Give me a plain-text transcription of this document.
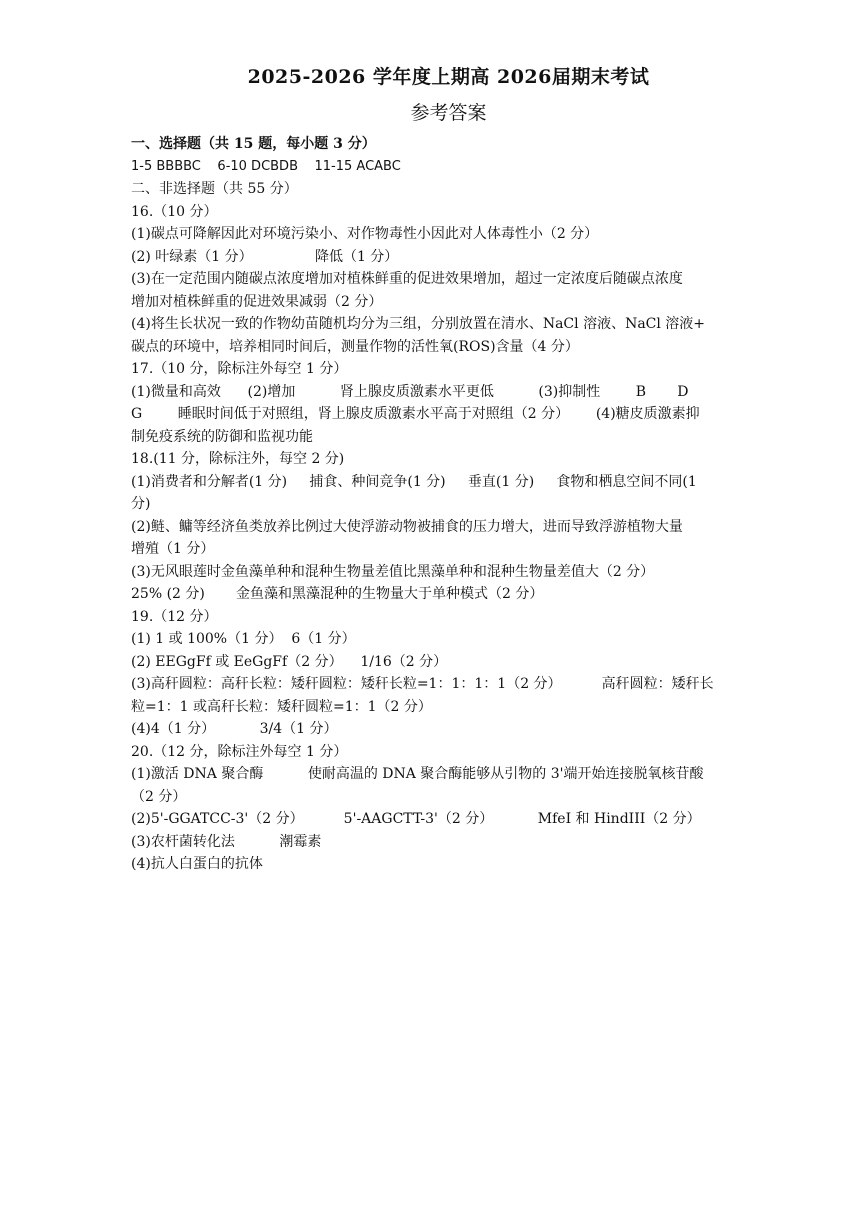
2025-2026 学年度上期高 2026届期末考试
参考答案
一、选择题（共 15 题，每小题 3 分）
1-5 BBBBC    6-10 DCBDB    11-15 ACABC
二、非选择题（共 55 分）
16.（10 分）
(1)碳点可降解因此对环境污染小、对作物毒性小因此对人体毒性小（2 分）
(2) 叶绿素（1 分）              降低（1 分）
(3)在一定范围内随碳点浓度增加对植株鲜重的促进效果增加，超过一定浓度后随碳点浓度
增加对植株鲜重的促进效果减弱（2 分）
(4)将生长状况一致的作物幼苗随机均分为三组，分别放置在清水、NaCl 溶液、NaCl 溶液+
碳点的环境中，培养相同时间后，测量作物的活性氧(ROS)含量（4 分）
17.（10 分，除标注外每空 1 分）
(1)微量和高效      (2)增加          肾上腺皮质激素水平更低          (3)抑制性        B       D
G        睡眠时间低于对照组，肾上腺皮质激素水平高于对照组（2 分）      (4)糖皮质激素抑
制免疫系统的防御和监视功能
18.(11 分，除标注外，每空 2 分)
(1)消费者和分解者(1 分)     捕食、种间竞争(1 分)     垂直(1 分)     食物和栖息空间不同(1
分)
(2)鲢、鳙等经济鱼类放养比例过大使浮游动物被捕食的压力增大，进而导致浮游植物大量
增殖（1 分）
(3)无风眼莲时金鱼藻单种和混种生物量差值比黑藻单种和混种生物量差值大（2 分）
25% (2 分)       金鱼藻和黑藻混种的生物量大于单种模式（2 分）
19.（12 分）
(1) 1 或 100%（1 分）  6（1 分）
(2) EEGgFf 或 EeGgFf（2 分）    1/16（2 分）
(3)高秆圆粒：高秆长粒：矮秆圆粒：矮秆长粒=1：1：1：1（2 分）         高秆圆粒：矮秆长
粒=1：1 或高秆长粒：矮秆圆粒=1：1（2 分）
(4)4（1 分）          3/4（1 分）
20.（12 分，除标注外每空 1 分）
(1)激活 DNA 聚合酶          使耐高温的 DNA 聚合酶能够从引物的 3'端开始连接脱氧核苷酸
（2 分）
(2)5'-GGATCC-3'（2 分）         5'-AAGCTT-3'（2 分）          MfeI 和 HindIII（2 分）
(3)农杆菌转化法          潮霉素
(4)抗人白蛋白的抗体
